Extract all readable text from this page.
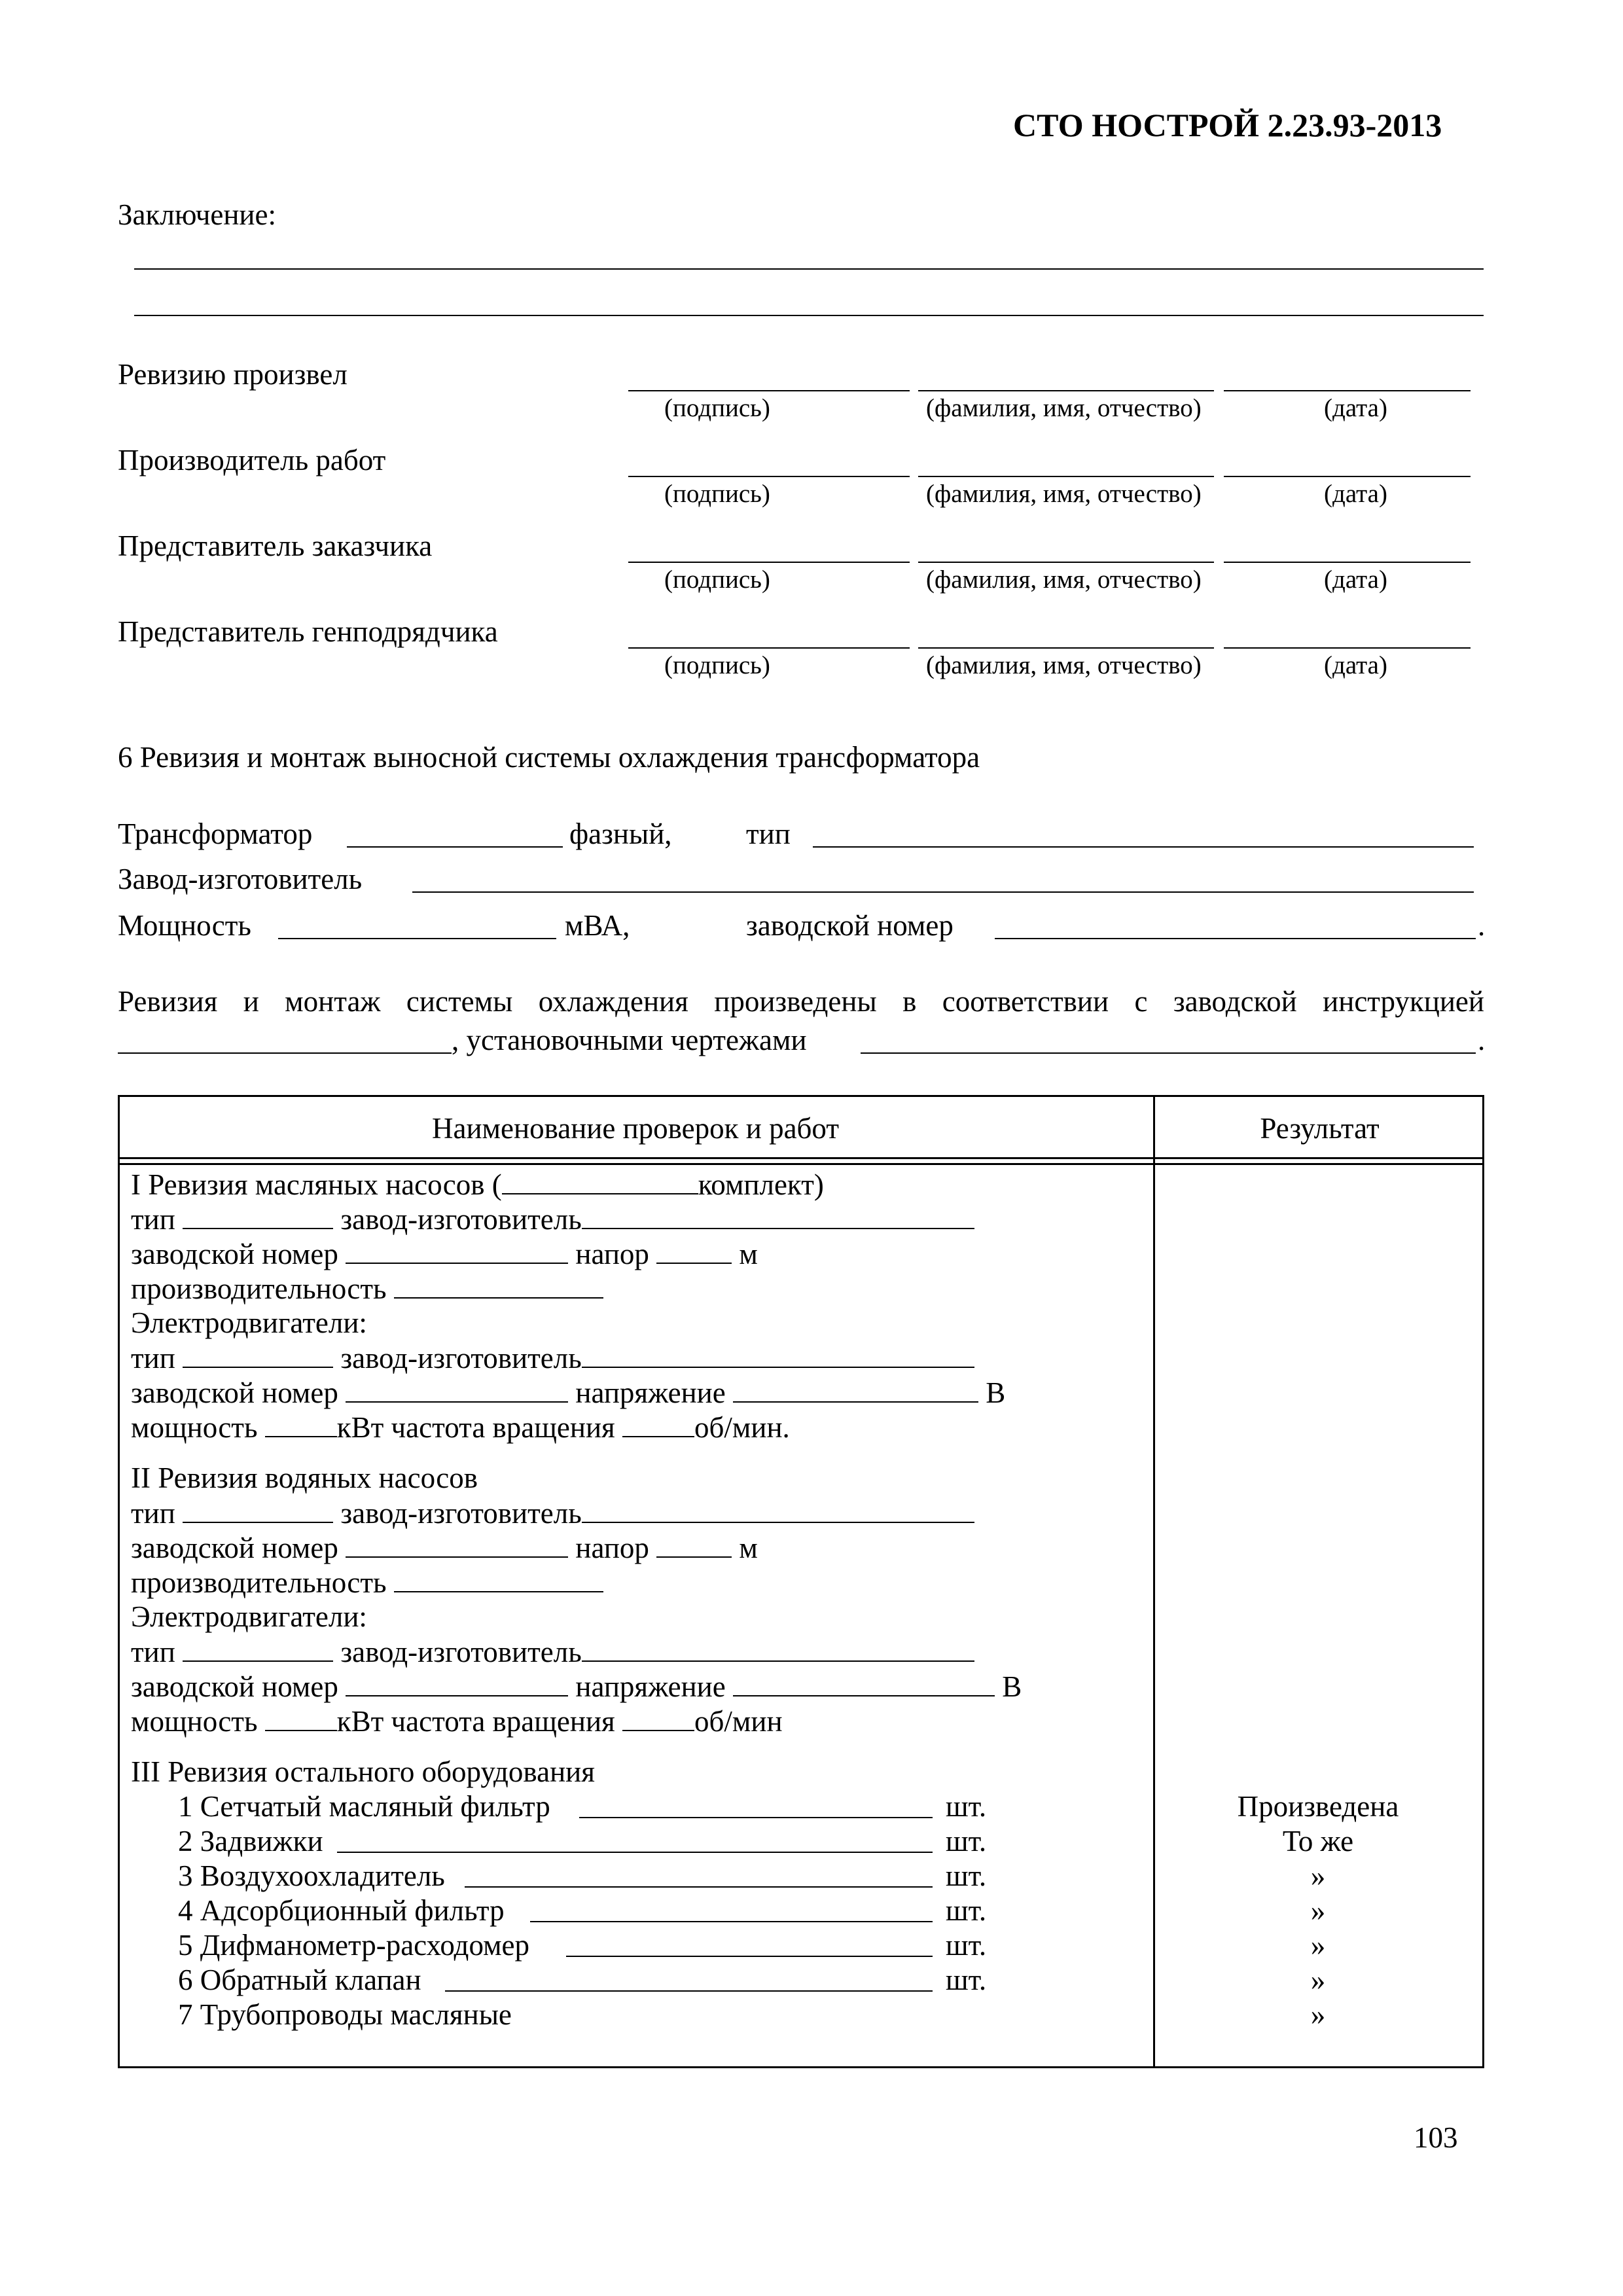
СТО НОСТРОЙ 2.23.93-2013
Заключение:
Ревизию произвел
(подпись)	(фамилия, имя, отчество)	(дата)
Производитель работ
(подпись)	(фамилия, имя, отчество)	(дата)
Представитель заказчика
(подпись)	(фамилия, имя, отчество)	(дата)
Представитель генподрядчика
(подпись)	(фамилия, имя, отчество)	(дата)
6 Ревизия и монтаж выносной системы охлаждения трансформатора
Трансформатор	фазный,	тип
Завод-изготовитель
Мощность	мВА,	заводской номер	.
Ревизия и монтаж системы охлаждения произведены в соответствии с заводской инструкцией
, установочными чертежами	.
Наименование проверок и работ	Результат
I Ревизия масляных насосов (	комплект)
тип	завод-изготовитель
заводской номер	напор	м
производительность
Электродвигатели:
тип	завод-изготовитель
заводской номер	напряжение	В
мощность	кВт частота вращения	об/мин.
II Ревизия водяных насосов
тип	завод-изготовитель
заводской номер	напор	м
производительность
Электродвигатели:
тип	завод-изготовитель
заводской номер	напряжение	В
мощность	кВт частота вращения	об/мин
III Ревизия остального оборудования
1 Сетчатый масляный фильтр	шт.	Произведена
2 Задвижки	шт.	То же
3 Воздухоохладитель	шт.	»
4 Адсорбционный фильтр	шт.	»
5 Дифманометр-расходомер	шт.	»
6 Обратный клапан	шт.	»
7 Трубопроводы масляные	»
103
